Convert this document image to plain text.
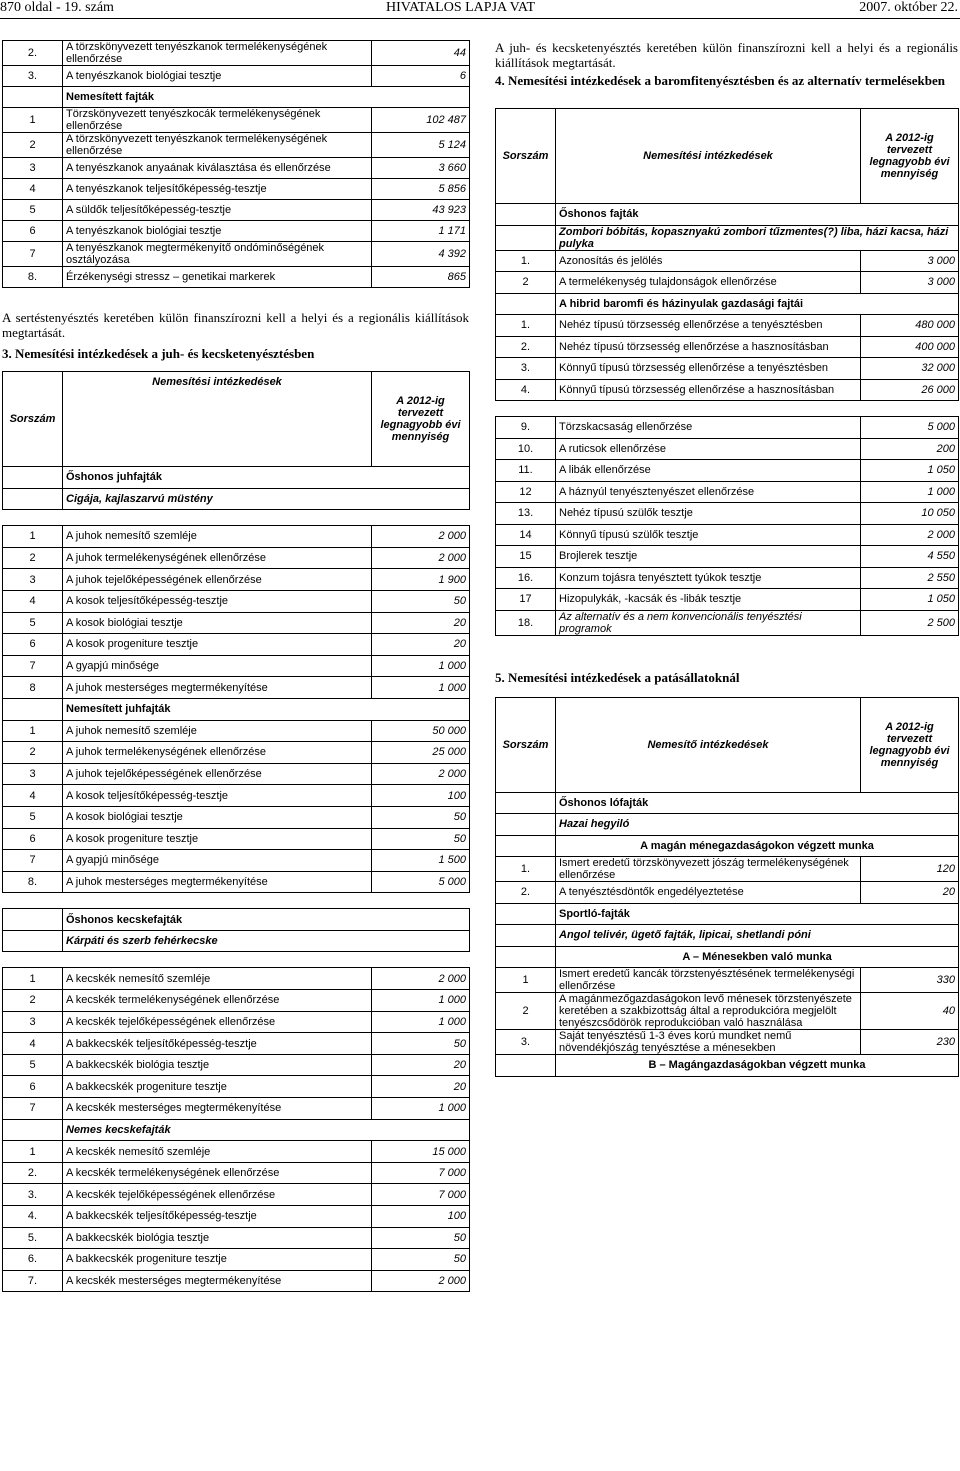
870 oldal - 19. szám	HIVATALOS LAPJA VAT	2007. október 22.
2.	A törzskönyvezett tenyészkanok termelékenységének ellenőrzése	44
3.	A tenyészkanok biológiai tesztje	6
	Nemesített fajták	
1	Törzskönyvezett tenyészkocák termelékenységének ellenőrzése	102 487
2	A törzskönyvezett tenyészkanok termelékenységének ellenőrzése	5 124
3	A tenyészkanok anyaának kiválasztása és ellenőrzése	3 660
4	A tenyészkanok teljesítőképesség-tesztje	5 856
5	A süldők teljesítőképesség-tesztje	43 923
6	A tenyészkanok biológiai tesztje	1 171
7	A tenyészkanok megtermékenyítő ondóminőségének osztályozása	4 392
8.	Érzékenységi stressz – genetikai markerek	865

A sertéstenyésztés keretében külön finanszírozni kell a helyi és a regionális kiállítások megtartását.

3. Nemesítési intézkedések a juh- és kecsketenyésztésben

Sorszám	Nemesítési intézkedések	A 2012-ig tervezett legnagyobb évi mennyiség
	Őshonos juhfajták	
	Cigája, kajlaszarvú müstény	

1	A juhok nemesítő szemléje	2 000
2	A juhok termelékenységének ellenőrzése	2 000
3	A juhok tejelőképességének ellenőrzése	1 900
4	A kosok teljesítőképesség-tesztje	50
5	A kosok biológiai tesztje	20
6	A kosok progeniture tesztje	20
7	A gyapjú minősége	1 000
8	A juhok mesterséges megtermékenyítése	1 000
	Nemesített juhfajták	
1	A juhok nemesítő szemléje	50 000
2	A juhok termelékenységének ellenőrzése	25 000
3	A juhok tejelőképességének ellenőrzése	2 000
4	A kosok teljesítőképesség-tesztje	100
5	A kosok biológiai tesztje	50
6	A kosok progeniture tesztje	50
7	A gyapjú minősége	1 500
8.	A juhok mesterséges megtermékenyítése	5 000

	Őshonos kecskefajták	
	Kárpáti és szerb fehérkecske	

1	A kecskék nemesítő szemléje	2 000
2	A kecskék termelékenységének ellenőrzése	1 000
3	A kecskék tejelőképességének ellenőrzése	1 000
4	A bakkecskék teljesítőképesség-tesztje	50
5	A bakkecskék biológia tesztje	20
6	A bakkecskék progeniture tesztje	20
7	A kecskék mesterséges megtermékenyítése	1 000
	Nemes kecskefajták	
1	A kecskék nemesítő szemléje	15 000
2.	A kecskék termelékenységének ellenőrzése	7 000
3.	A kecskék tejelőképességének ellenőrzése	7 000
4.	A bakkecskék teljesítőképesség-tesztje	100
5.	A bakkecskék biológia tesztje	50
6.	A bakkecskék progeniture tesztje	50
7.	A kecskék mesterséges megtermékenyítése	2 000

A juh- és kecsketenyésztés keretében külön finanszírozni kell a helyi és a regionális kiállítások megtartását.

4. Nemesítési intézkedések a baromfitenyésztésben és az alternatív termelésekben

Sorszám	Nemesítési intézkedések	A 2012-ig tervezett legnagyobb évi mennyiség
	Őshonos fajták	
	Zombori bóbitás, kopasznyakú zombori tűzmentes(?) liba, házi kacsa, házi pulyka	
1.	Azonosítás és jelölés	3 000
2	A termelékenység tulajdonságok ellenőrzése	3 000
	A hibrid baromfi és házinyulak gazdasági fajtái	
1.	Nehéz típusú törzsesség ellenőrzése a tenyésztésben	480 000
2.	Nehéz típusú törzsesség ellenőrzése a hasznosításban	400 000
3.	Könnyű típusú törzsesség ellenőrzése a tenyésztésben	32 000
4.	Könnyű típusú törzsesség ellenőrzése a hasznosításban	26 000

9.	Törzskacsaság ellenőrzése	5 000
10.	A ruticsok ellenőrzése	200
11.	A libák ellenőrzése	1 050
12	A háznyúl tenyésztenyészet ellenőrzése	1 000
13.	Nehéz típusú szülők tesztje	10 050
14	Könnyű típusú szülők tesztje	2 000
15	Brojlerek tesztje	4 550
16.	Konzum tojásra tenyésztett tyúkok tesztje	2 550
17	Hizopulykák, -kacsák és -libák tesztje	1 050
18.	Az alternatív és a nem konvencionális tenyésztési programok	2 500

5. Nemesítési intézkedések a patásállatoknál

Sorszám	Nemesítő intézkedések	A 2012-ig tervezett legnagyobb évi mennyiség
	Őshonos lófajták	
	Hazai hegyiló	
	A magán ménegazdaságokon végzett munka	
1.	Ismert eredetű törzskönyvezett jószág termelékenységének ellenőrzése	120
2.	A tenyésztésdöntők engedélyeztetése	20
	Sportló-fajták	
	Angol telivér, ügető fajták, lipicai, shetlandi póni	
	A – Ménesekben való munka	
1	Ismert eredetű kancák törzstenyésztésének termelékenységi ellenőrzése	330
2	A magánmezőgazdaságokon levő ménesek törzstenyészete keretében a szakbizottság által a reprodukcióra megjelölt tenyészcsődörök reprodukcióban való használása	40
3.	Saját tenyésztésű 1-3 éves korú mundket nemű növendékjószág tenyésztése a ménesekben	230
	B – Magángazdaságokban végzett munka	
